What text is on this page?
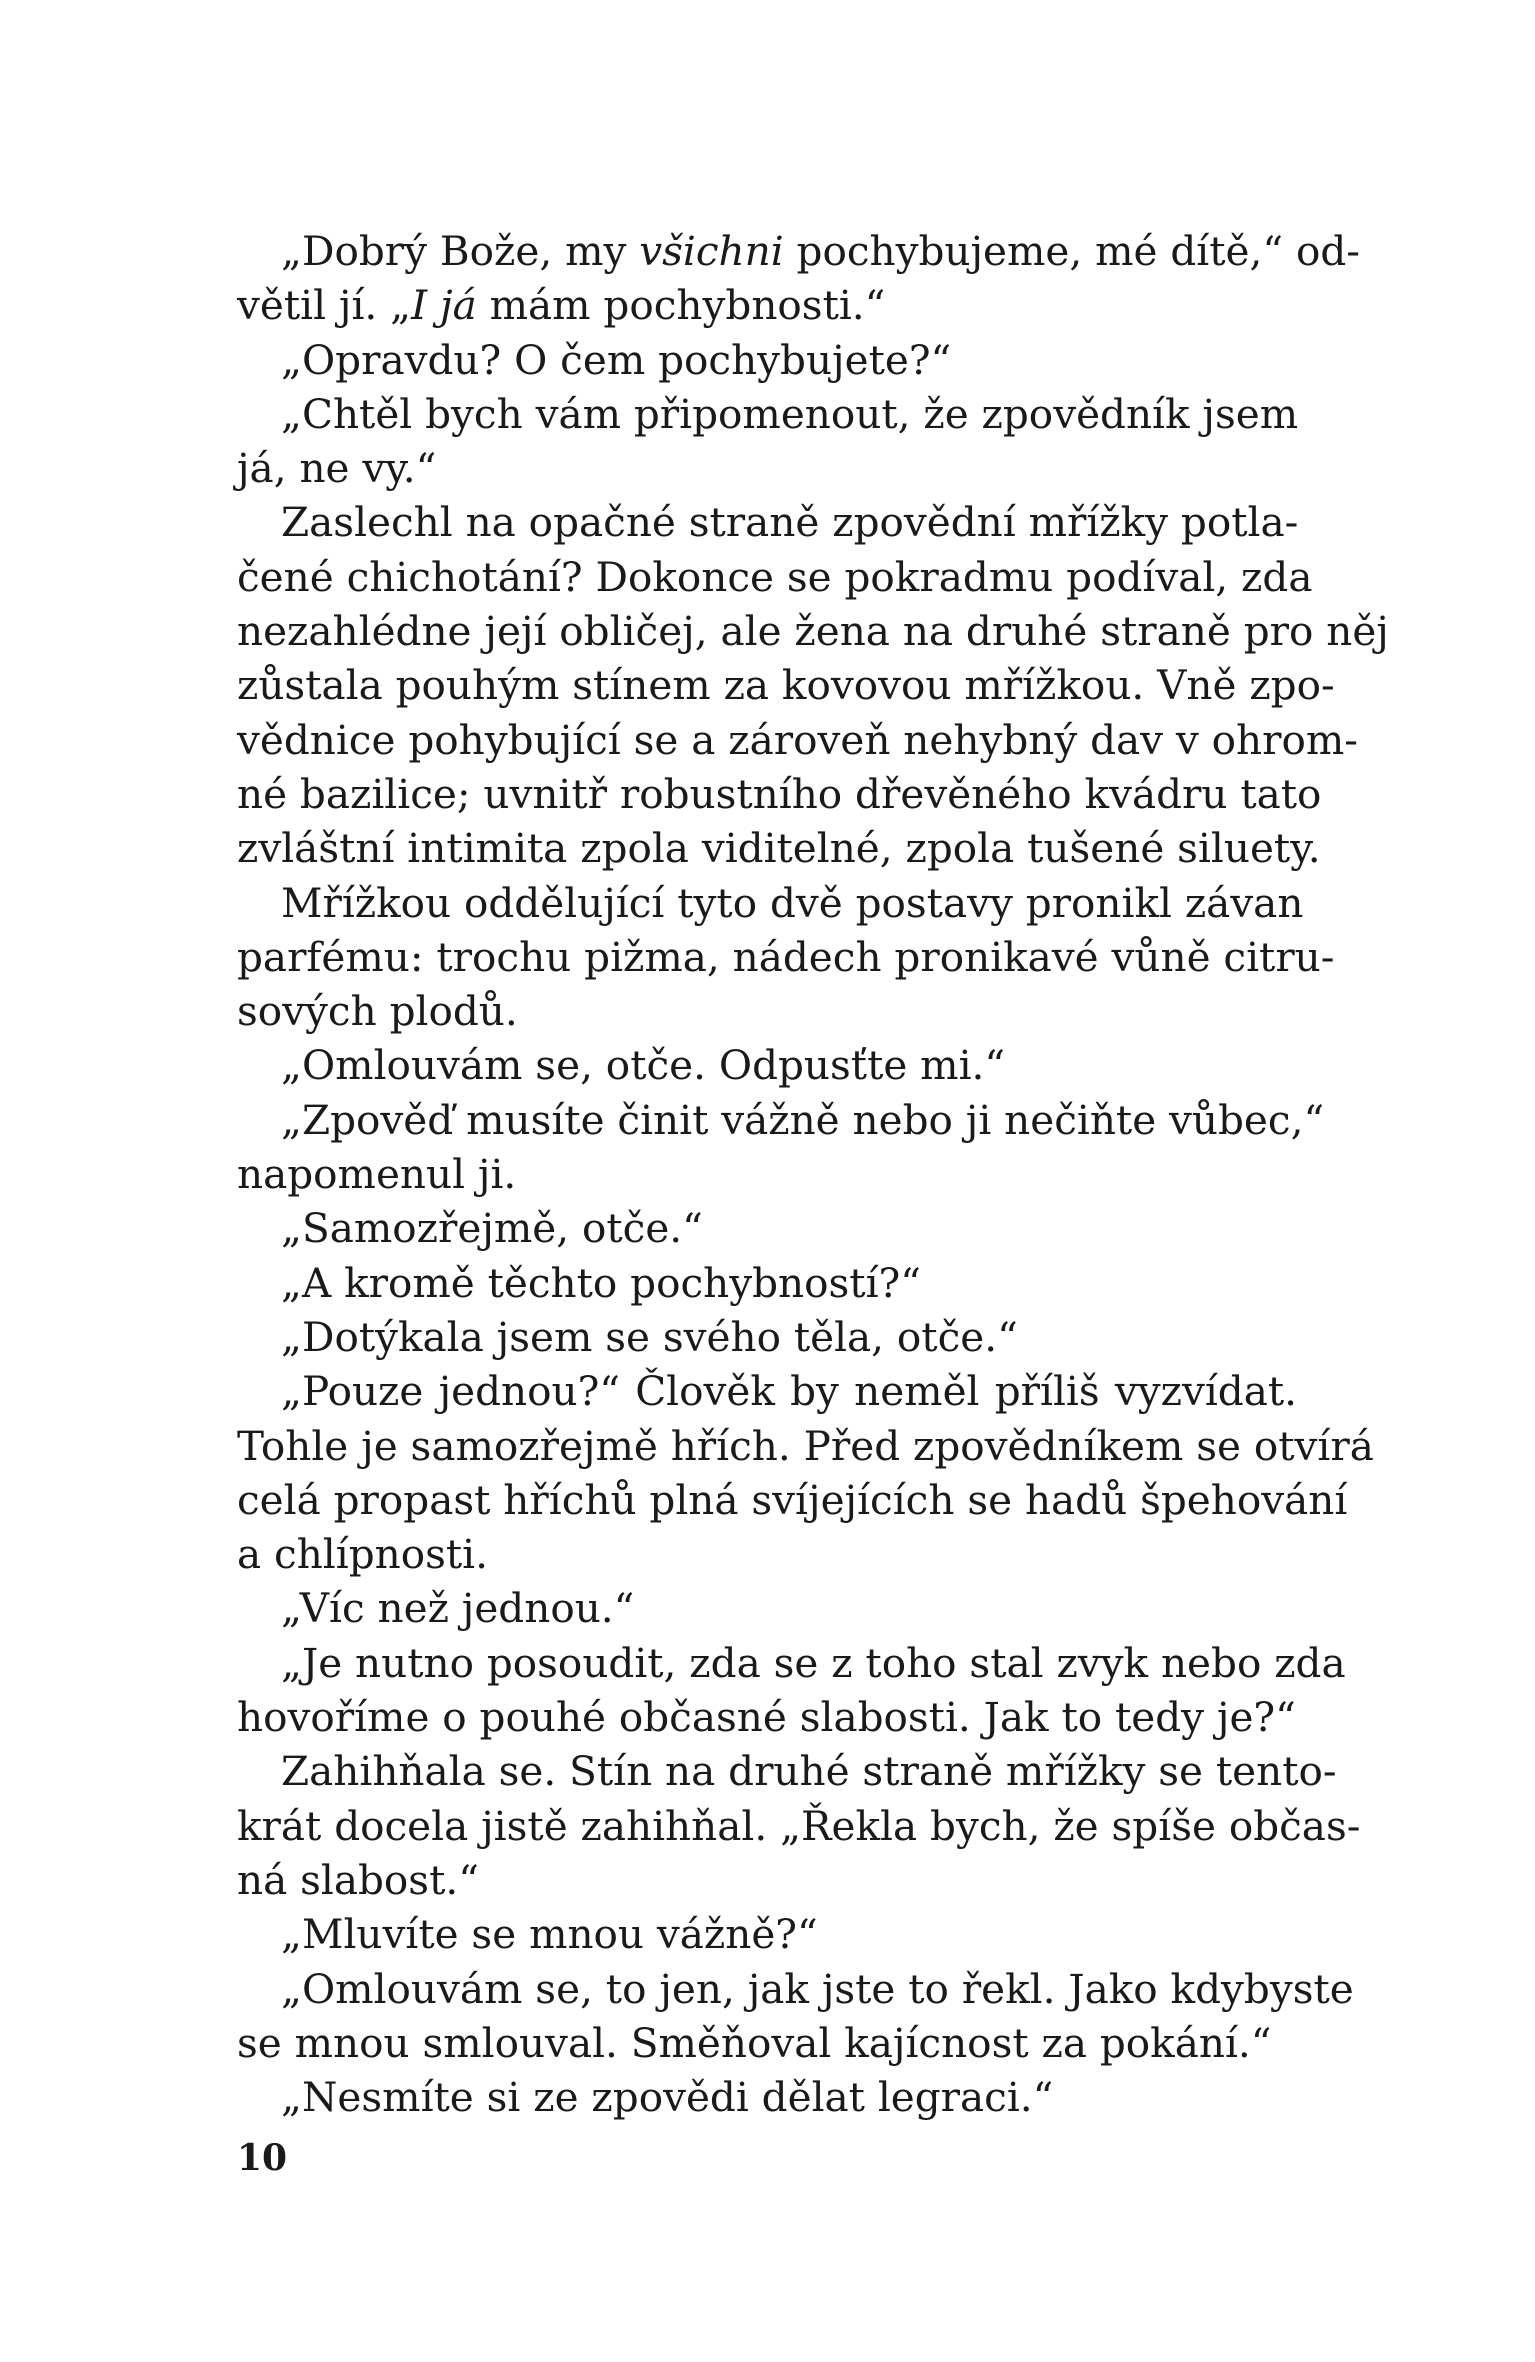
„Dobrý Bože, my všichni pochybujeme, mé dítě,“ od-
větil jí. „I já mám pochybnosti.“
„Opravdu? O čem pochybujete?“
„Chtěl bych vám připomenout, že zpovědník jsem
já, ne vy.“
Zaslechl na opačné straně zpovědní mřížky potla-
čené chichotání? Dokonce se pokradmu podíval, zda
nezahlédne její obličej, ale žena na druhé straně pro něj
zůstala pouhým stínem za kovovou mřížkou. Vně zpo-
vědnice pohybující se a zároveň nehybný dav v ohrom-
né bazilice; uvnitř robustního dřevěného kvádru tato
zvláštní intimita zpola viditelné, zpola tušené siluety.
Mřížkou oddělující tyto dvě postavy pronikl závan
parfému: trochu pižma, nádech pronikavé vůně citru-
sových plodů.
„Omlouvám se, otče. Odpusťte mi.“
„Zpověď musíte činit vážně nebo ji nečiňte vůbec,“
napomenul ji.
„Samozřejmě, otče.“
„A kromě těchto pochybností?“
„Dotýkala jsem se svého těla, otče.“
„Pouze jednou?“ Člověk by neměl příliš vyzvídat.
Tohle je samozřejmě hřích. Před zpovědníkem se otvírá
celá propast hříchů plná svíjejících se hadů špehování
a chlípnosti.
„Víc než jednou.“
„Je nutno posoudit, zda se z toho stal zvyk nebo zda
hovoříme o pouhé občasné slabosti. Jak to tedy je?“
Zahihňala se. Stín na druhé straně mřížky se tento-
krát docela jistě zahihňal. „Řekla bych, že spíše občas-
ná slabost.“
„Mluvíte se mnou vážně?“
„Omlouvám se, to jen, jak jste to řekl. Jako kdybyste
se mnou smlouval. Směňoval kajícnost za pokání.“
„Nesmíte si ze zpovědi dělat legraci.“
10
